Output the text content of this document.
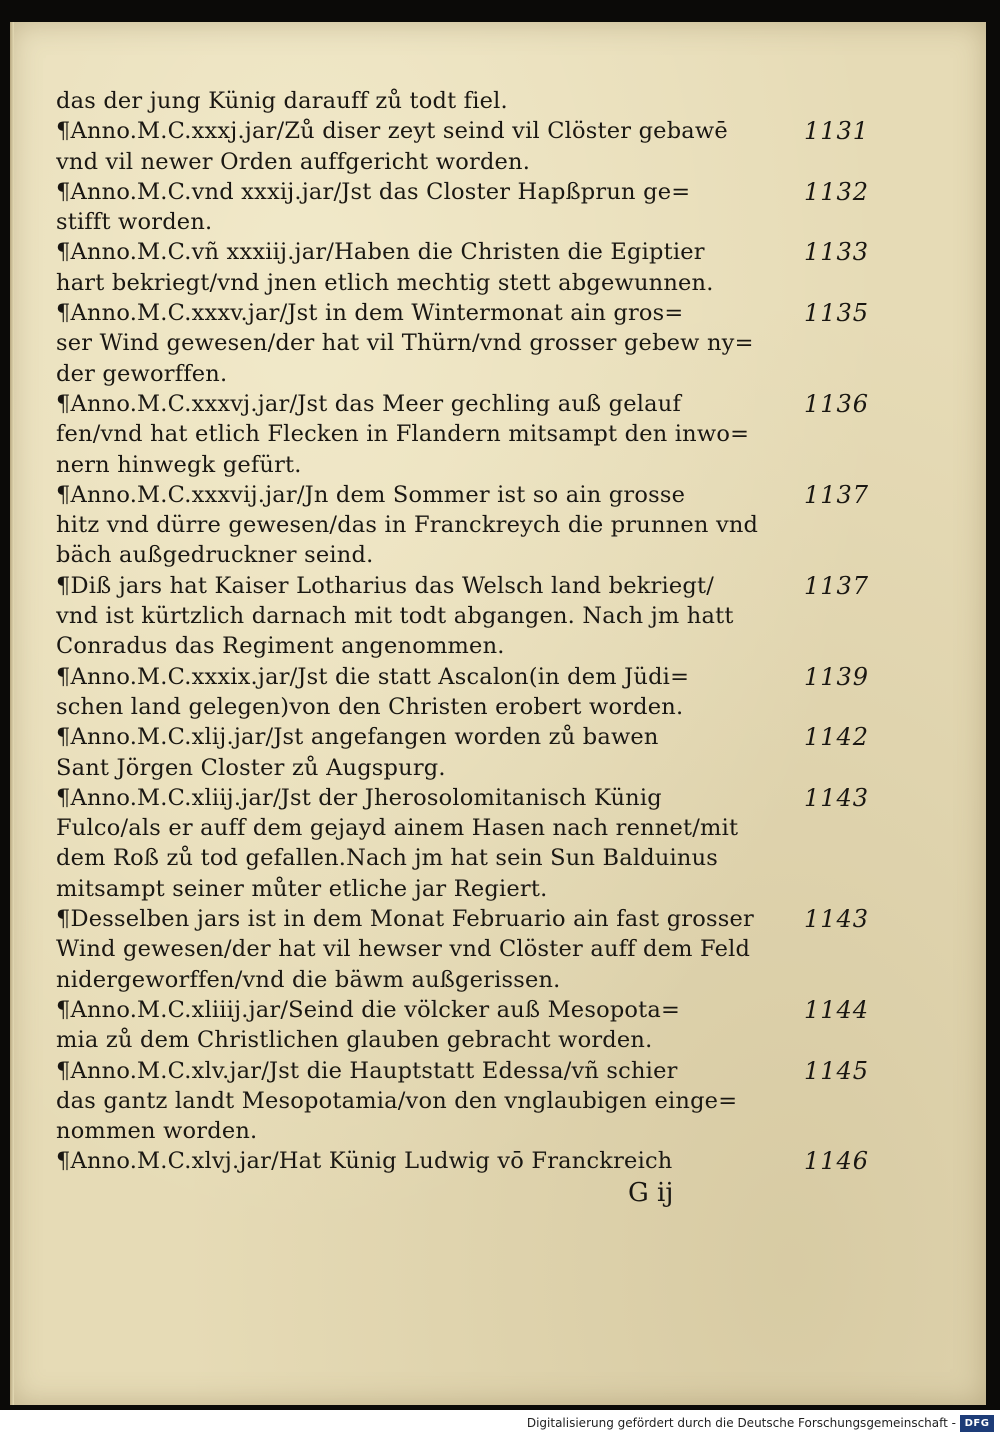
das der jung Künig darauff zů todt fiel.
¶Anno.M.C.xxxj.jar/Zů diser zeyt seind vil Clöster gebawē
vnd vil newer Orden auffgericht worden.
1131
¶Anno.M.C.vnd xxxij.jar/Jst das Closter Hapßprun ge=
stifft worden.
1132
¶Anno.M.C.vñ xxxiij.jar/Haben die Christen die Egiptier
hart bekriegt/vnd jnen etlich mechtig stett abgewunnen.
1133
¶Anno.M.C.xxxv.jar/Jst in dem Wintermonat ain gros=
ser Wind gewesen/der hat vil Thürn/vnd grosser gebew ny=
der geworffen.
1135
¶Anno.M.C.xxxvj.jar/Jst das Meer gechling auß gelauf
fen/vnd hat etlich Flecken in Flandern mitsampt den inwo=
nern hinwegk gefürt.
1136
¶Anno.M.C.xxxvij.jar/Jn dem Sommer ist so ain grosse
hitz vnd dürre gewesen/das in Franckreych die prunnen vnd
bäch außgedruckner seind.
1137
¶Diß jars hat Kaiser Lotharius das Welsch land bekriegt/
vnd ist kürtzlich darnach mit todt abgangen. Nach jm hatt
Conradus das Regiment angenommen.
1137
¶Anno.M.C.xxxix.jar/Jst die statt Ascalon(in dem Jüdi=
schen land gelegen)von den Christen erobert worden.
1139
¶Anno.M.C.xlij.jar/Jst angefangen worden zů bawen
Sant Jörgen Closter zů Augspurg.
1142
¶Anno.M.C.xliij.jar/Jst der Jherosolomitanisch Künig
Fulco/als er auff dem gejayd ainem Hasen nach rennet/mit
dem Roß zů tod gefallen.Nach jm hat sein Sun Balduinus
mitsampt seiner můter etliche jar Regiert.
1143
¶Desselben jars ist in dem Monat Februario ain fast grosser
Wind gewesen/der hat vil hewser vnd Clöster auff dem Feld
nidergeworffen/vnd die bäwm außgerissen.
1143
¶Anno.M.C.xliiij.jar/Seind die völcker auß Mesopota=
mia zů dem Christlichen glauben gebracht worden.
1144
¶Anno.M.C.xlv.jar/Jst die Hauptstatt Edessa/vñ schier
das gantz landt Mesopotamia/von den vnglaubigen einge=
nommen worden.
1145
¶Anno.M.C.xlvj.jar/Hat Künig Ludwig vō Franckreich	1146
G ij
Digitalisierung gefördert durch die Deutsche Forschungsgemeinschaft - DFG
